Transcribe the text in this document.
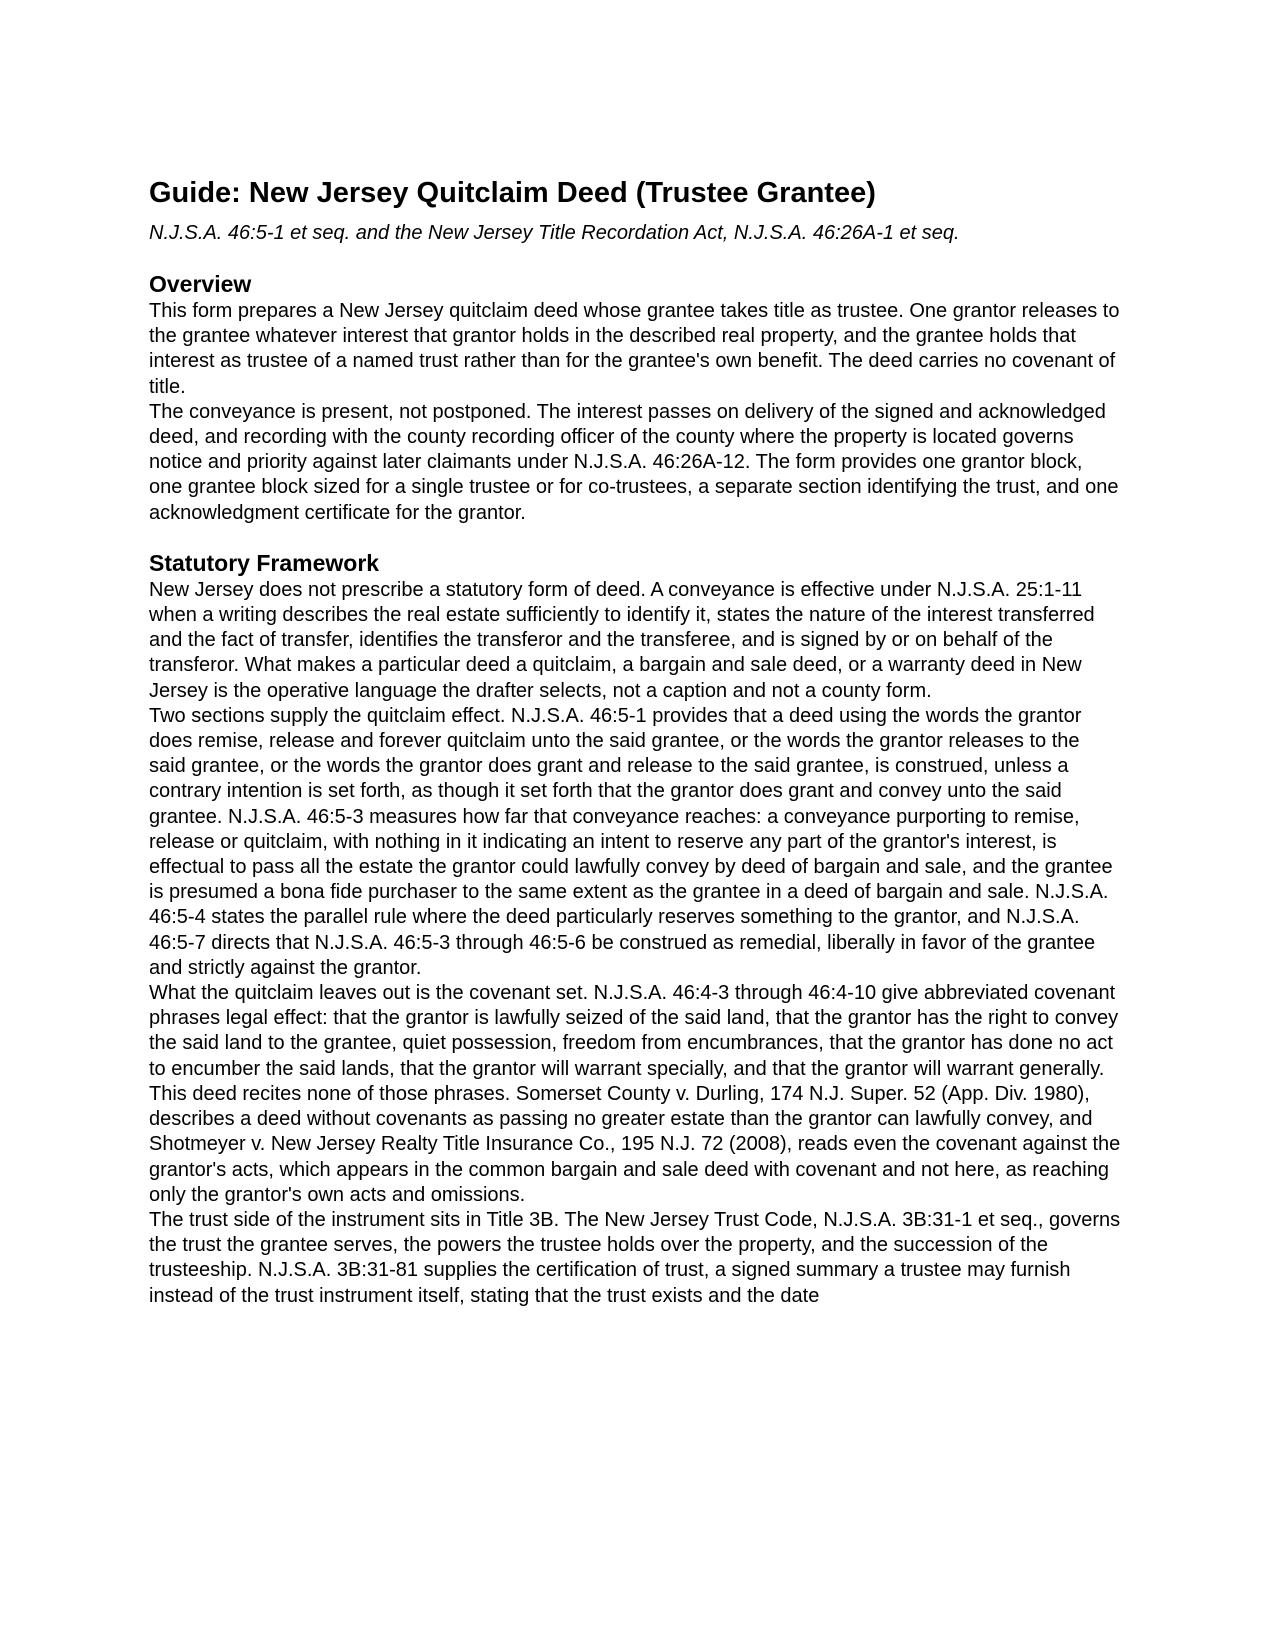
Guide: New Jersey Quitclaim Deed (Trustee Grantee)

N.J.S.A. 46:5-1 et seq. and the New Jersey Title Recordation Act, N.J.S.A. 46:26A-1 et seq.

Overview

This form prepares a New Jersey quitclaim deed whose grantee takes title as trustee. One grantor releases to the grantee whatever interest that grantor holds in the described real property, and the grantee holds that interest as trustee of a named trust rather than for the grantee's own benefit. The deed carries no covenant of title.

The conveyance is present, not postponed. The interest passes on delivery of the signed and acknowledged deed, and recording with the county recording officer of the county where the property is located governs notice and priority against later claimants under N.J.S.A. 46:26A-12. The form provides one grantor block, one grantee block sized for a single trustee or for co-trustees, a separate section identifying the trust, and one acknowledgment certificate for the grantor.

Statutory Framework

New Jersey does not prescribe a statutory form of deed. A conveyance is effective under N.J.S.A. 25:1-11 when a writing describes the real estate sufficiently to identify it, states the nature of the interest transferred and the fact of transfer, identifies the transferor and the transferee, and is signed by or on behalf of the transferor. What makes a particular deed a quitclaim, a bargain and sale deed, or a warranty deed in New Jersey is the operative language the drafter selects, not a caption and not a county form.

Two sections supply the quitclaim effect. N.J.S.A. 46:5-1 provides that a deed using the words the grantor does remise, release and forever quitclaim unto the said grantee, or the words the grantor releases to the said grantee, or the words the grantor does grant and release to the said grantee, is construed, unless a contrary intention is set forth, as though it set forth that the grantor does grant and convey unto the said grantee. N.J.S.A. 46:5-3 measures how far that conveyance reaches: a conveyance purporting to remise, release or quitclaim, with nothing in it indicating an intent to reserve any part of the grantor's interest, is effectual to pass all the estate the grantor could lawfully convey by deed of bargain and sale, and the grantee is presumed a bona fide purchaser to the same extent as the grantee in a deed of bargain and sale. N.J.S.A. 46:5-4 states the parallel rule where the deed particularly reserves something to the grantor, and N.J.S.A. 46:5-7 directs that N.J.S.A. 46:5-3 through 46:5-6 be construed as remedial, liberally in favor of the grantee and strictly against the grantor.

What the quitclaim leaves out is the covenant set. N.J.S.A. 46:4-3 through 46:4-10 give abbreviated covenant phrases legal effect: that the grantor is lawfully seized of the said land, that the grantor has the right to convey the said land to the grantee, quiet possession, freedom from encumbrances, that the grantor has done no act to encumber the said lands, that the grantor will warrant specially, and that the grantor will warrant generally. This deed recites none of those phrases. Somerset County v. Durling, 174 N.J. Super. 52 (App. Div. 1980), describes a deed without covenants as passing no greater estate than the grantor can lawfully convey, and Shotmeyer v. New Jersey Realty Title Insurance Co., 195 N.J. 72 (2008), reads even the covenant against the grantor's acts, which appears in the common bargain and sale deed with covenant and not here, as reaching only the grantor's own acts and omissions.

The trust side of the instrument sits in Title 3B. The New Jersey Trust Code, N.J.S.A. 3B:31-1 et seq., governs the trust the grantee serves, the powers the trustee holds over the property, and the succession of the trusteeship. N.J.S.A. 3B:31-81 supplies the certification of trust, a signed summary a trustee may furnish instead of the trust instrument itself, stating that the trust exists and the date
